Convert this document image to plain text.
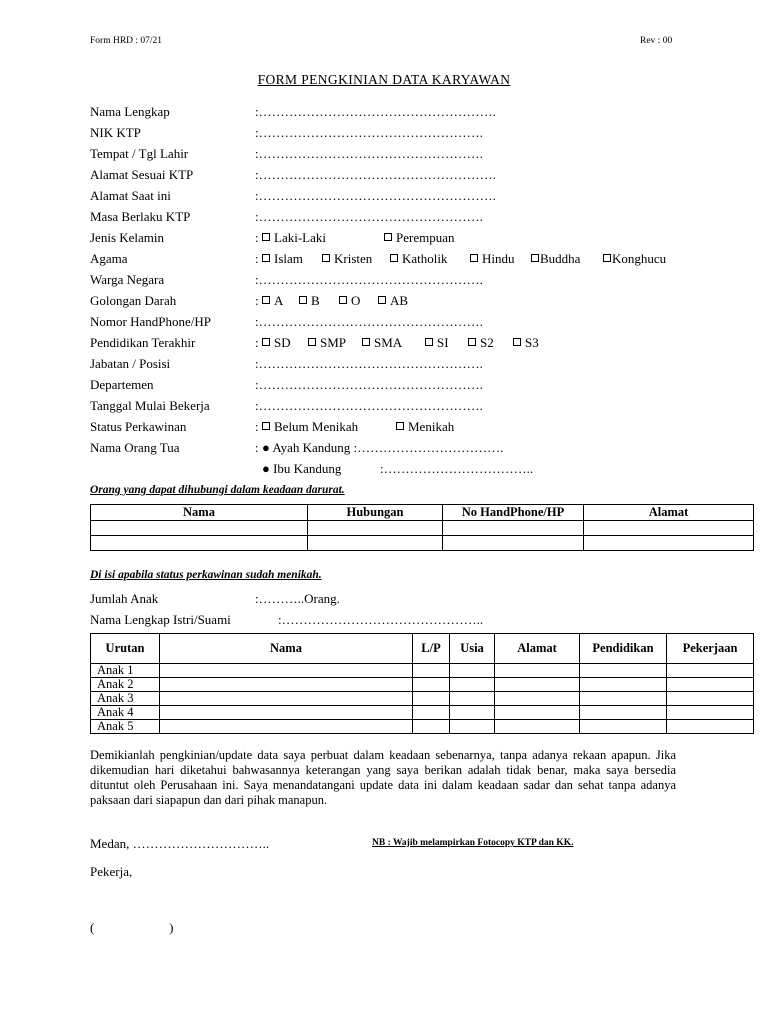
Form HRD : 07/21	Rev : 00
FORM PENGKINIAN DATA KARYAWAN
Nama Lengkap	:……………………………………………….
NIK KTP	:…………………………………………….
Tempat / Tgl Lahir	:…………………………………………….
Alamat Sesuai KTP	:……………………………………………….
Alamat Saat ini	:……………………………………………….
Masa Berlaku KTP	:…………………………………………….
Jenis Kelamin	:	Laki-Laki	Perempuan
Agama	:	Islam	Kristen	Katholik	Hindu	Buddha	Konghucu
Warga Negara	:…………………………………………….
Golongan Darah	:	A	B	O	AB
Nomor HandPhone/HP	:…………………………………………….
Pendidikan Terakhir	:	SD	SMP	SMA	SI	S2	S3
Jabatan / Posisi	:…………………………………………….
Departemen	:…………………………………………….
Tanggal Mulai Bekerja	:…………………………………………….
Status Perkawinan	:	Belum Menikah	Menikah
Nama Orang Tua	: ● Ayah Kandung :…………………………….
● Ibu Kandung	:……………………………..
Orang yang dapat dihubungi dalam keadaan darurat.
Nama	Hubungan	No HandPhone/HP	Alamat

Di isi apabila status perkawinan sudah menikah.
Jumlah Anak	:………..Orang.
Nama Lengkap Istri/Suami	:………………………………………..
Urutan	Nama	L/P	Usia	Alamat	Pendidikan	Pekerjaan
Anak 1						
Anak 2						
Anak 3						
Anak 4						
Anak 5						
Demikianlah pengkinian/update data saya perbuat dalam keadaan sebenarnya, tanpa adanya rekaan apapun. Jika dikemudian hari diketahui bahwasannya keterangan yang saya berikan adalah tidak benar, maka saya bersedia dituntut oleh Perusahaan ini. Saya menandatangani update data ini dalam keadaan sadar dan sehat tanpa adanya paksaan dari siapapun dan dari pihak manapun.
Medan, …………………………..	NB : Wajib melampirkan Fotocopy KTP dan KK.
Pekerja,
(                       )
